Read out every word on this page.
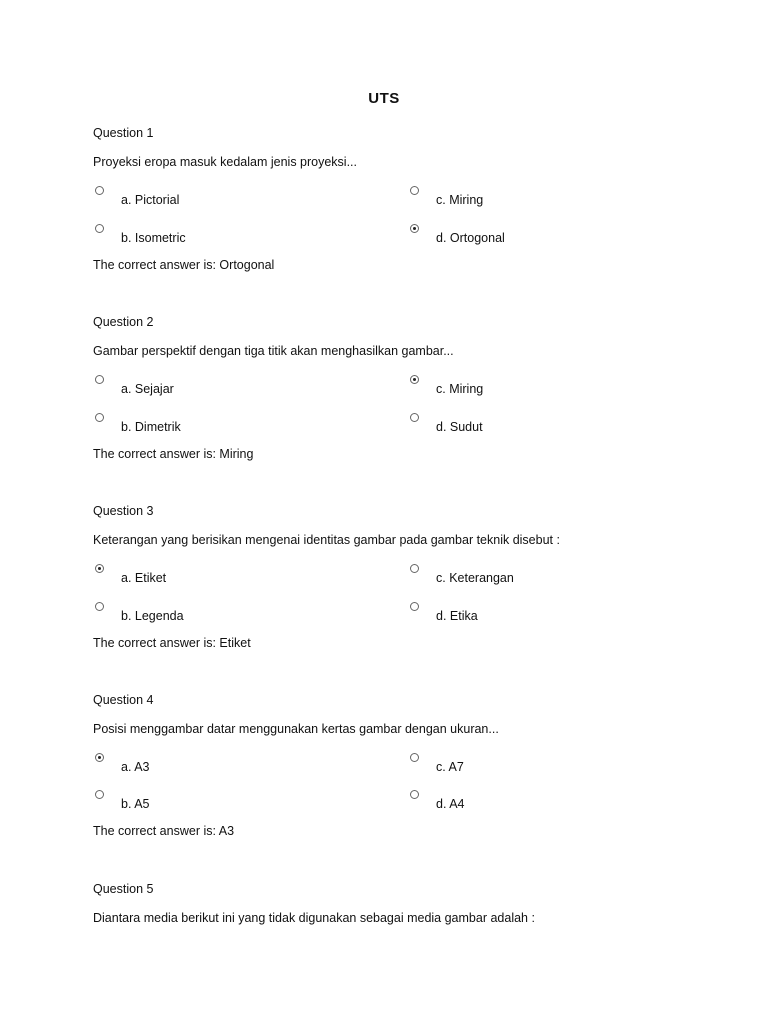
UTS
Question 1
Proyeksi eropa masuk kedalam jenis proyeksi...
a. Pictorial
b. Isometric
c. Miring
d. Ortogonal
The correct answer is: Ortogonal
Question 2
Gambar perspektif dengan tiga titik akan menghasilkan gambar...
a. Sejajar
b. Dimetrik
c. Miring
d. Sudut
The correct answer is: Miring
Question 3
Keterangan yang berisikan mengenai identitas gambar pada gambar teknik disebut :
a. Etiket
b. Legenda
c. Keterangan
d. Etika
The correct answer is: Etiket
Question 4
Posisi menggambar datar menggunakan kertas gambar dengan ukuran...
a. A3
b. A5
c. A7
d. A4
The correct answer is: A3
Question 5
Diantara media berikut ini yang tidak digunakan sebagai media gambar adalah :
